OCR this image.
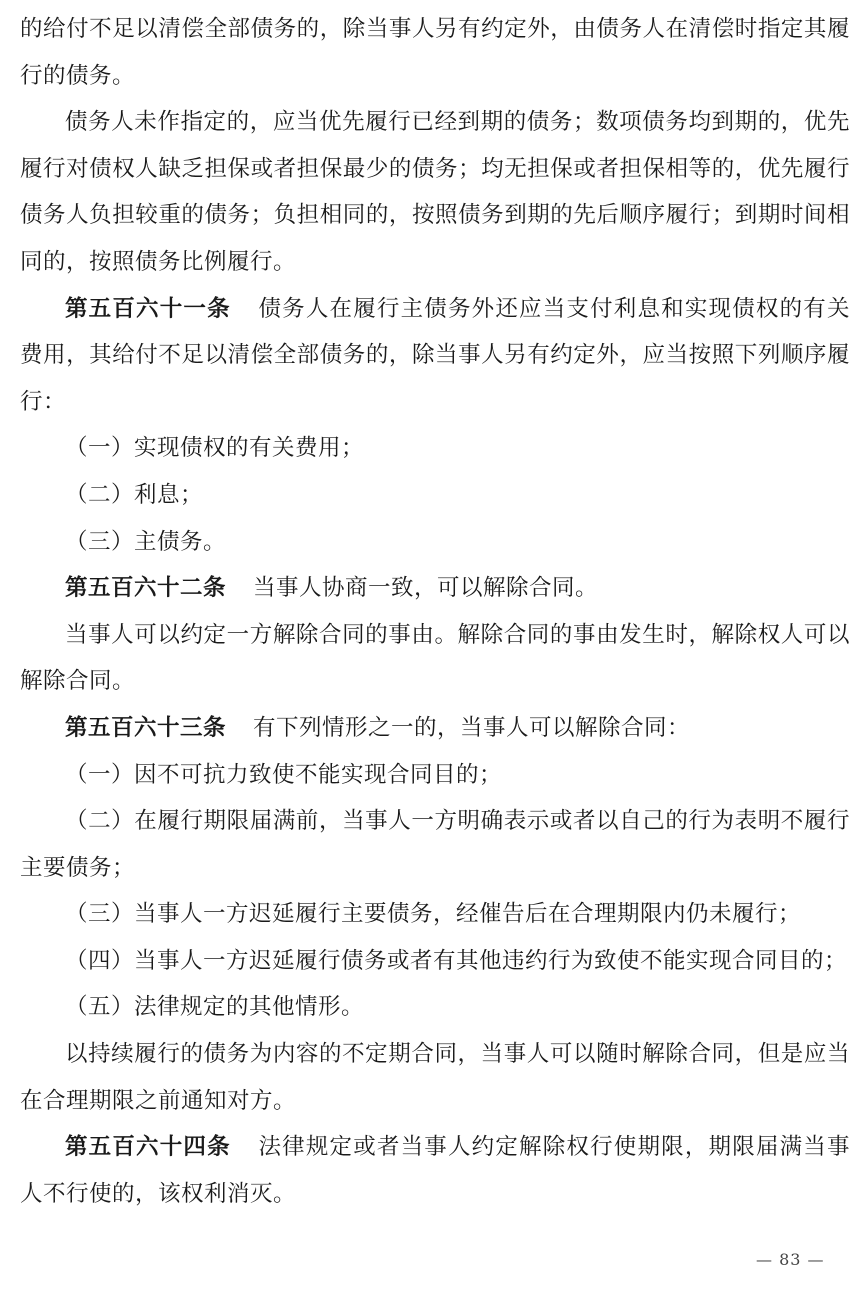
的给付不足以清偿全部债务的，除当事人另有约定外，由债务人在清偿时指定其履行的债务。

债务人未作指定的，应当优先履行已经到期的债务；数项债务均到期的，优先履行对债权人缺乏担保或者担保最少的债务；均无担保或者担保相等的，优先履行债务人负担较重的债务；负担相同的，按照债务到期的先后顺序履行；到期时间相同的，按照债务比例履行。

第五百六十一条 债务人在履行主债务外还应当支付利息和实现债权的有关费用，其给付不足以清偿全部债务的，除当事人另有约定外，应当按照下列顺序履行：

（一）实现债权的有关费用；

（二）利息；

（三）主债务。

第五百六十二条 当事人协商一致，可以解除合同。

当事人可以约定一方解除合同的事由。解除合同的事由发生时，解除权人可以解除合同。

第五百六十三条 有下列情形之一的，当事人可以解除合同：

（一）因不可抗力致使不能实现合同目的；

（二）在履行期限届满前，当事人一方明确表示或者以自己的行为表明不履行主要债务；

（三）当事人一方迟延履行主要债务，经催告后在合理期限内仍未履行；

（四）当事人一方迟延履行债务或者有其他违约行为致使不能实现合同目的；

（五）法律规定的其他情形。

以持续履行的债务为内容的不定期合同，当事人可以随时解除合同，但是应当在合理期限之前通知对方。

第五百六十四条 法律规定或者当事人约定解除权行使期限，期限届满当事人不行使的，该权利消灭。

— 83 —
